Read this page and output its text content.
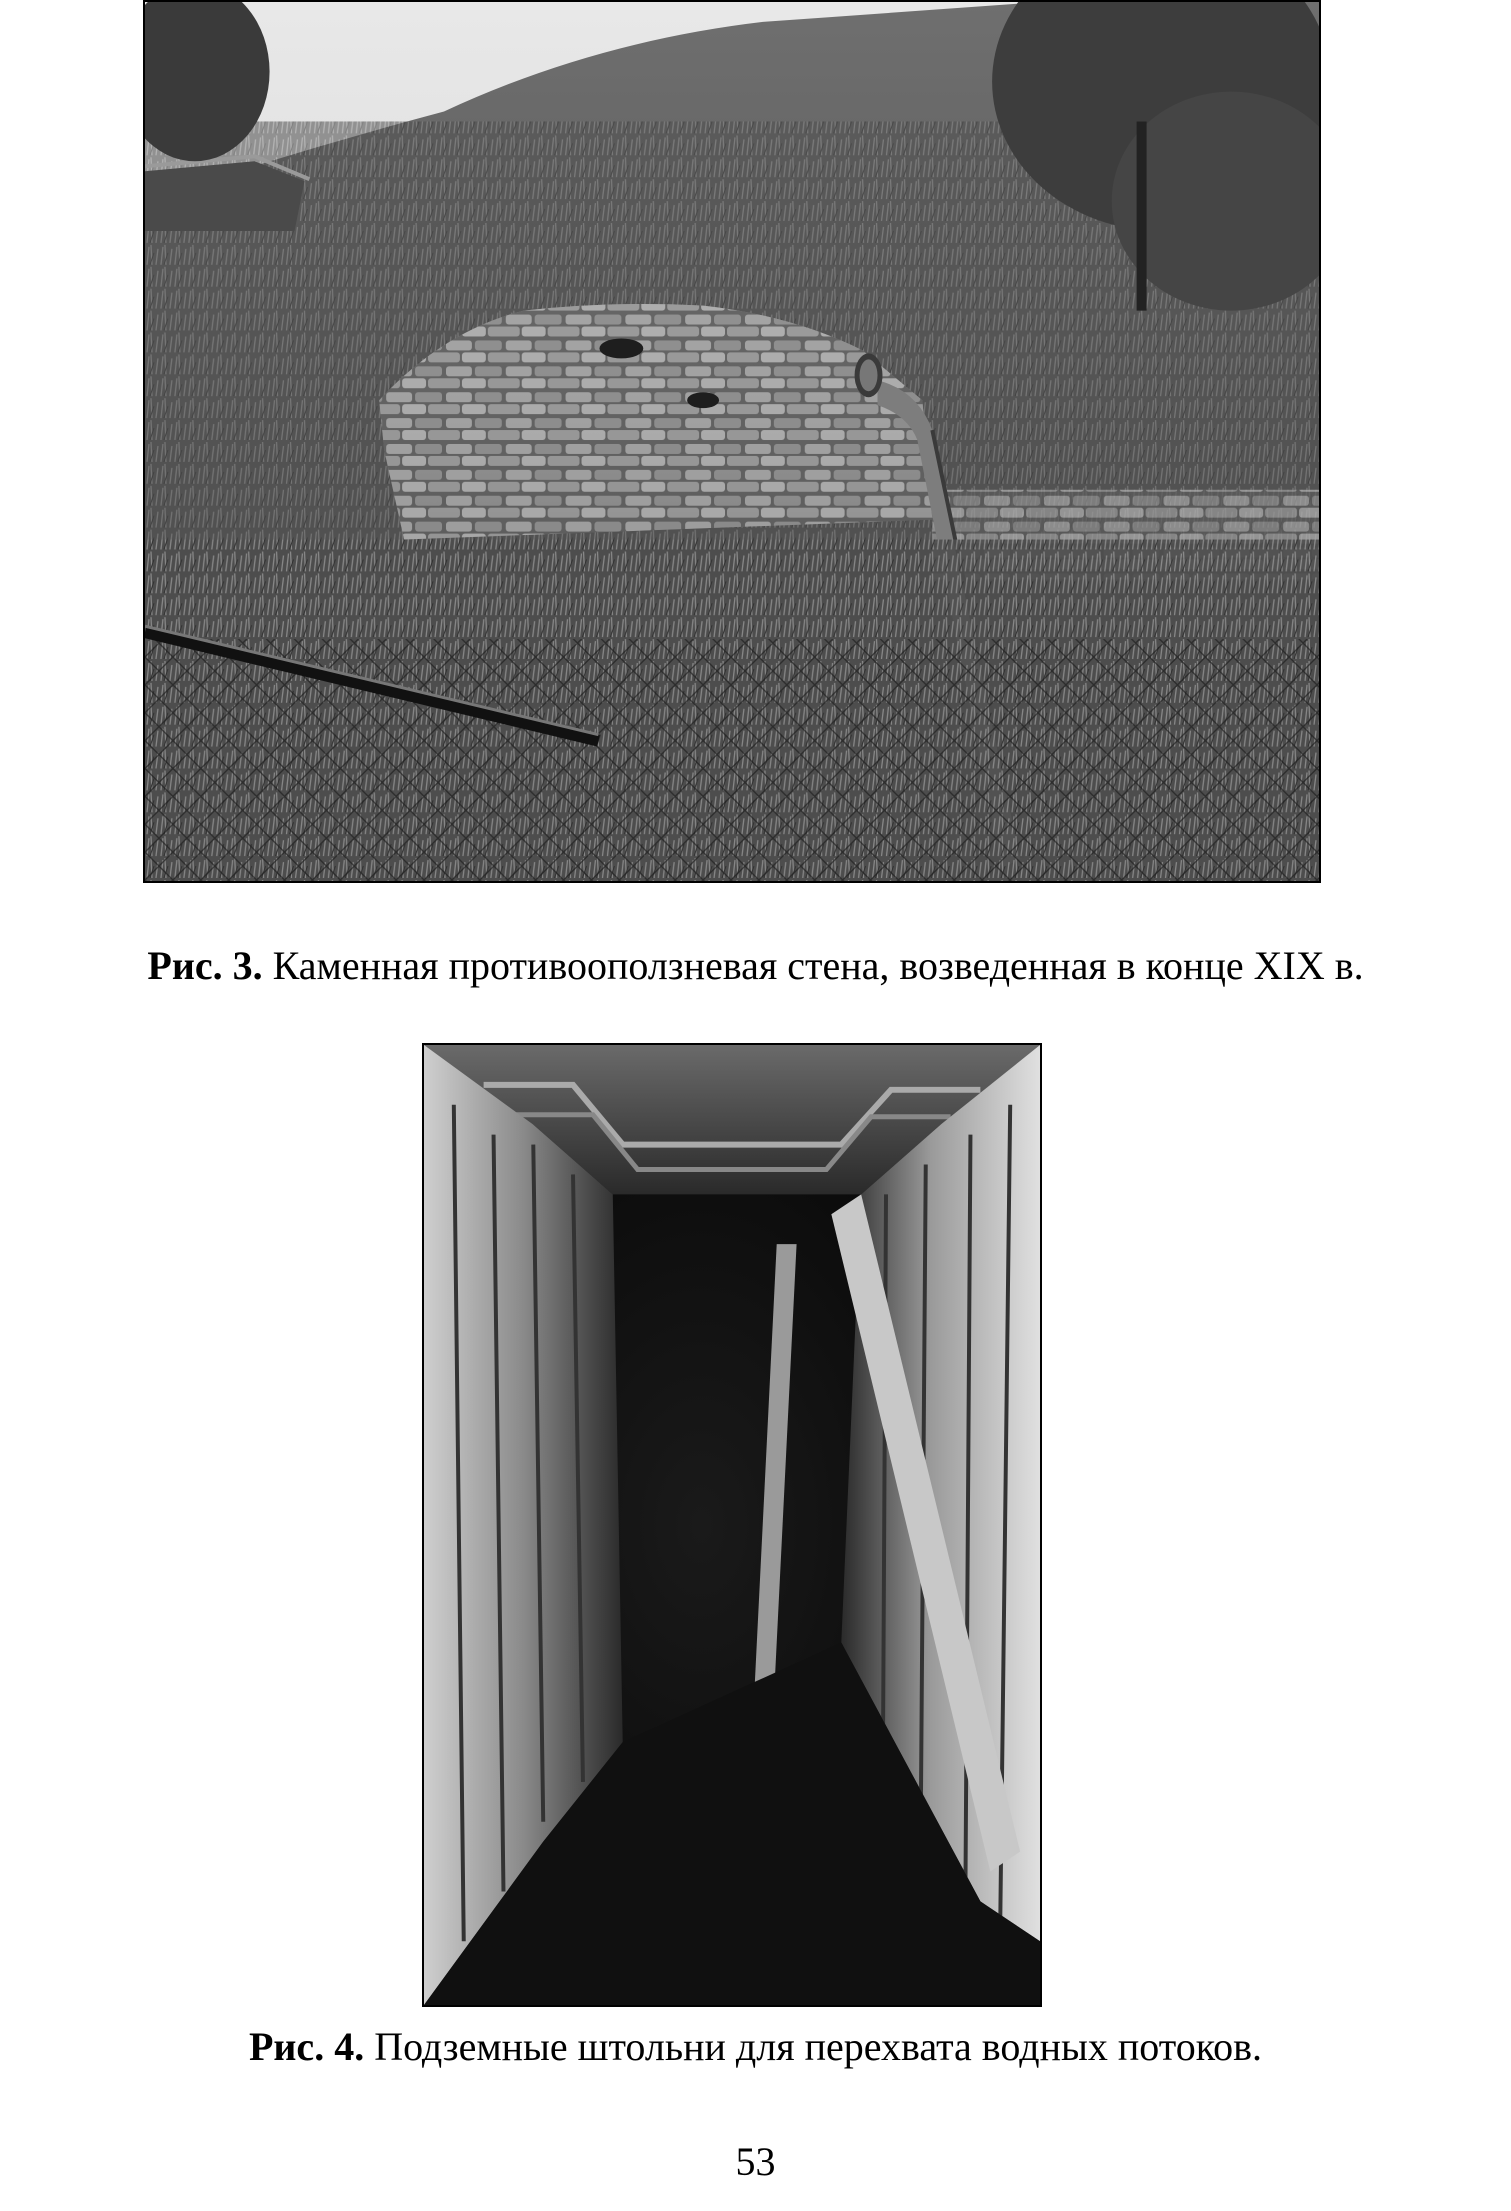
Рис. 3. Каменная противооползневая стена, возведенная в конце XIX в.
Рис. 4. Подземные штольни для перехвата водных потоков.
53
